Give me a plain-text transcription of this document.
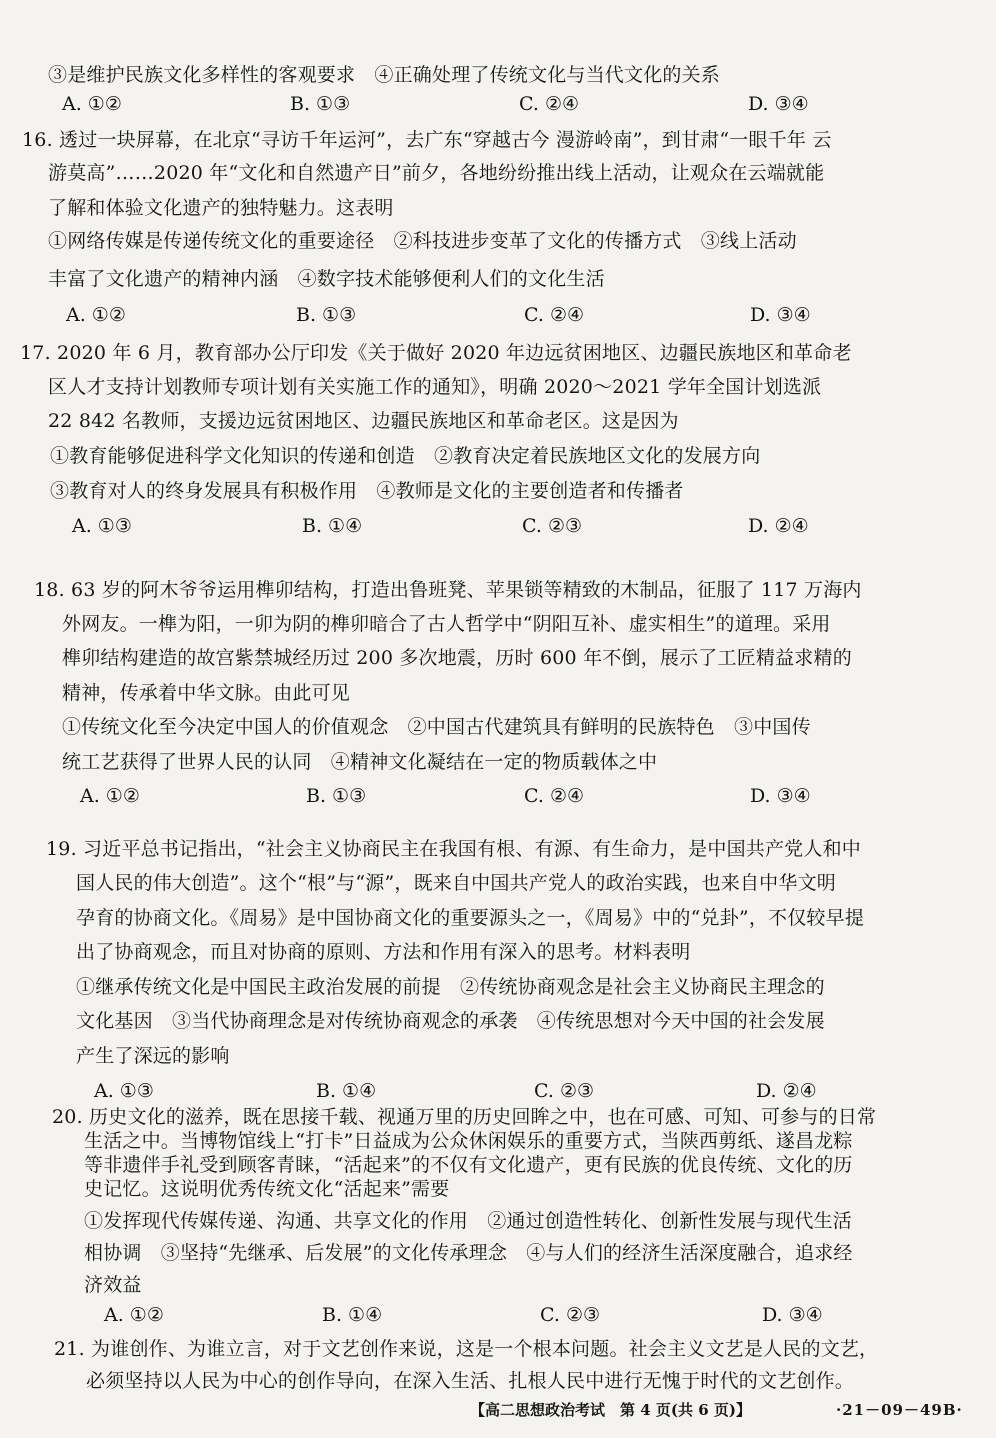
③是维护民族文化多样性的客观要求　④正确处理了传统文化与当代文化的关系
A. ①②	B. ①③	C. ②④	D. ③④
16. 透过一块屏幕，在北京“寻访千年运河”，去广东“穿越古今 漫游岭南”，到甘肃“一眼千年 云
游莫高”……2020 年“文化和自然遗产日”前夕，各地纷纷推出线上活动，让观众在云端就能
了解和体验文化遗产的独特魅力。这表明
①网络传媒是传递传统文化的重要途径　②科技进步变革了文化的传播方式　③线上活动
丰富了文化遗产的精神内涵　④数字技术能够便利人们的文化生活
A. ①②	B. ①③	C. ②④	D. ③④
17. 2020 年 6 月，教育部办公厅印发《关于做好 2020 年边远贫困地区、边疆民族地区和革命老
区人才支持计划教师专项计划有关实施工作的通知》，明确 2020～2021 学年全国计划选派
22 842 名教师，支援边远贫困地区、边疆民族地区和革命老区。这是因为
①教育能够促进科学文化知识的传递和创造　②教育决定着民族地区文化的发展方向
③教育对人的终身发展具有积极作用　④教师是文化的主要创造者和传播者
A. ①③	B. ①④	C. ②③	D. ②④
18. 63 岁的阿木爷爷运用榫卯结构，打造出鲁班凳、苹果锁等精致的木制品，征服了 117 万海内
外网友。一榫为阳，一卯为阴的榫卯暗合了古人哲学中“阴阳互补、虚实相生”的道理。采用
榫卯结构建造的故宫紫禁城经历过 200 多次地震，历时 600 年不倒，展示了工匠精益求精的
精神，传承着中华文脉。由此可见
①传统文化至今决定中国人的价值观念　②中国古代建筑具有鲜明的民族特色　③中国传
统工艺获得了世界人民的认同　④精神文化凝结在一定的物质载体之中
A. ①②	B. ①③	C. ②④	D. ③④
19. 习近平总书记指出，“社会主义协商民主在我国有根、有源、有生命力，是中国共产党人和中
国人民的伟大创造”。这个“根”与“源”，既来自中国共产党人的政治实践，也来自中华文明
孕育的协商文化。《周易》是中国协商文化的重要源头之一，《周易》中的“兑卦”，不仅较早提
出了协商观念，而且对协商的原则、方法和作用有深入的思考。材料表明
①继承传统文化是中国民主政治发展的前提　②传统协商观念是社会主义协商民主理念的
文化基因　③当代协商理念是对传统协商观念的承袭　④传统思想对今天中国的社会发展
产生了深远的影响
A. ①③	B. ①④	C. ②③	D. ②④
20. 历史文化的滋养，既在思接千载、视通万里的历史回眸之中，也在可感、可知、可参与的日常
生活之中。当博物馆线上“打卡”日益成为公众休闲娱乐的重要方式，当陕西剪纸、遂昌龙粽
等非遗伴手礼受到顾客青睐，“活起来”的不仅有文化遗产，更有民族的优良传统、文化的历
史记忆。这说明优秀传统文化“活起来”需要
①发挥现代传媒传递、沟通、共享文化的作用　②通过创造性转化、创新性发展与现代生活
相协调　③坚持“先继承、后发展”的文化传承理念　④与人们的经济生活深度融合，追求经
济效益
A. ①②	B. ①④	C. ②③	D. ③④
21. 为谁创作、为谁立言，对于文艺创作来说，这是一个根本问题。社会主义文艺是人民的文艺，
必须坚持以人民为中心的创作导向，在深入生活、扎根人民中进行无愧于时代的文艺创作。
【高二思想政治考试　第 4 页(共 6 页)】	·21－09－49B·
